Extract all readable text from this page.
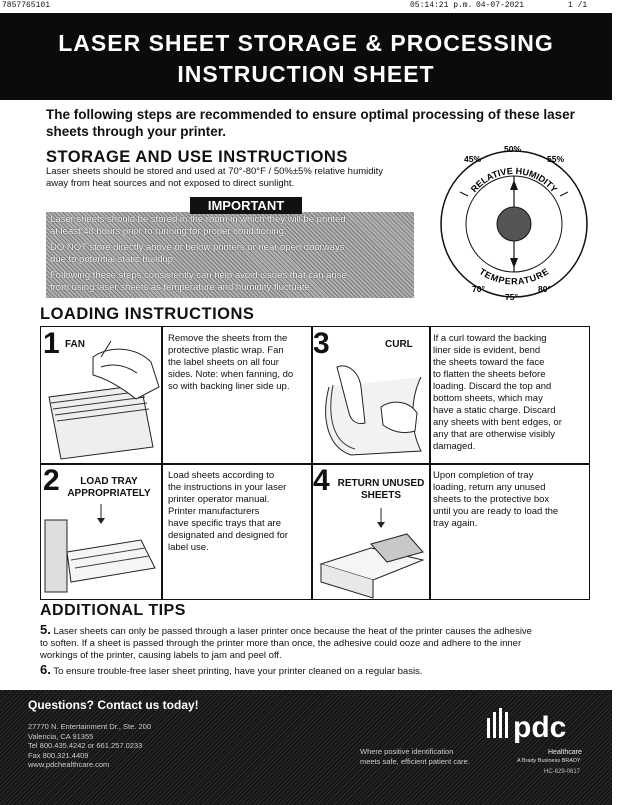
7857765101	05:14:21 p.m. 04-07-2021	1 /1
LASER SHEET STORAGE & PROCESSING
INSTRUCTION SHEET
The following steps are recommended to ensure optimal processing of these laser
sheets through your printer.
STORAGE AND USE INSTRUCTIONS
Laser sheets should be stored and used at 70°-80°F / 50%±5% relative humidity
away from heat sources and not exposed to direct sunlight.
Laser sheets should be stored in the room in which they will be printed
at least 48 hours prior to running for proper conditioning.
DO NOT store directly above or below printers or near open doorways
due to potential static buildup.
Following these steps consistently can help avoid issues that can arise
from using laser sheets as temperature and humidity fluctuate.
IMPORTANT
RELATIVE HUMIDITY
TEMPERATURE
45%
50%
55%
70°
75°
80°
LOADING INSTRUCTIONS
1 FAN
Remove the sheets from the
protective plastic wrap. Fan
the label sheets on all four
sides. Note: when fanning, do
so with backing liner side up.
3	CURL
If a curl toward the backing
liner side is evident, bend
the sheets toward the face
to flatten the sheets before
loading. Discard the top and
bottom sheets, which may
have a static charge. Discard
any sheets with bent edges, or
any that are otherwise visibly
damaged.
2	LOAD TRAY
APPROPRIATELY
Load sheets according to
the instructions in your laser
printer operator manual.
Printer manufacturers
have specific trays that are
designated and designed for
label use.
4 RETURN UNUSED
SHEETS
Upon completion of tray
loading, return any unused
sheets to the protective box
until you are ready to load the
tray again.
ADDITIONAL TIPS
5. Laser sheets can only be passed through a laser printer once because the heat of the printer causes the adhesive
to soften. If a sheet is passed through the printer more than once, the adhesive could ooze and adhere to the inner
workings of the printer, causing labels to jam and peel off.
6. To ensure trouble-free laser sheet printing, have your printer cleaned on a regular basis.
Questions? Contact us today!
27770 N. Entertainment Dr., Ste. 200
Valencia, CA 91355
Tel 800.435.4242 or 661.257.0233
Fax 800.321.4409
www.pdchealthcare.com
Where positive identification
meets safe, efficient patient care.
pdc
Healthcare
A Brady Business BRADY
HC-629-0617
